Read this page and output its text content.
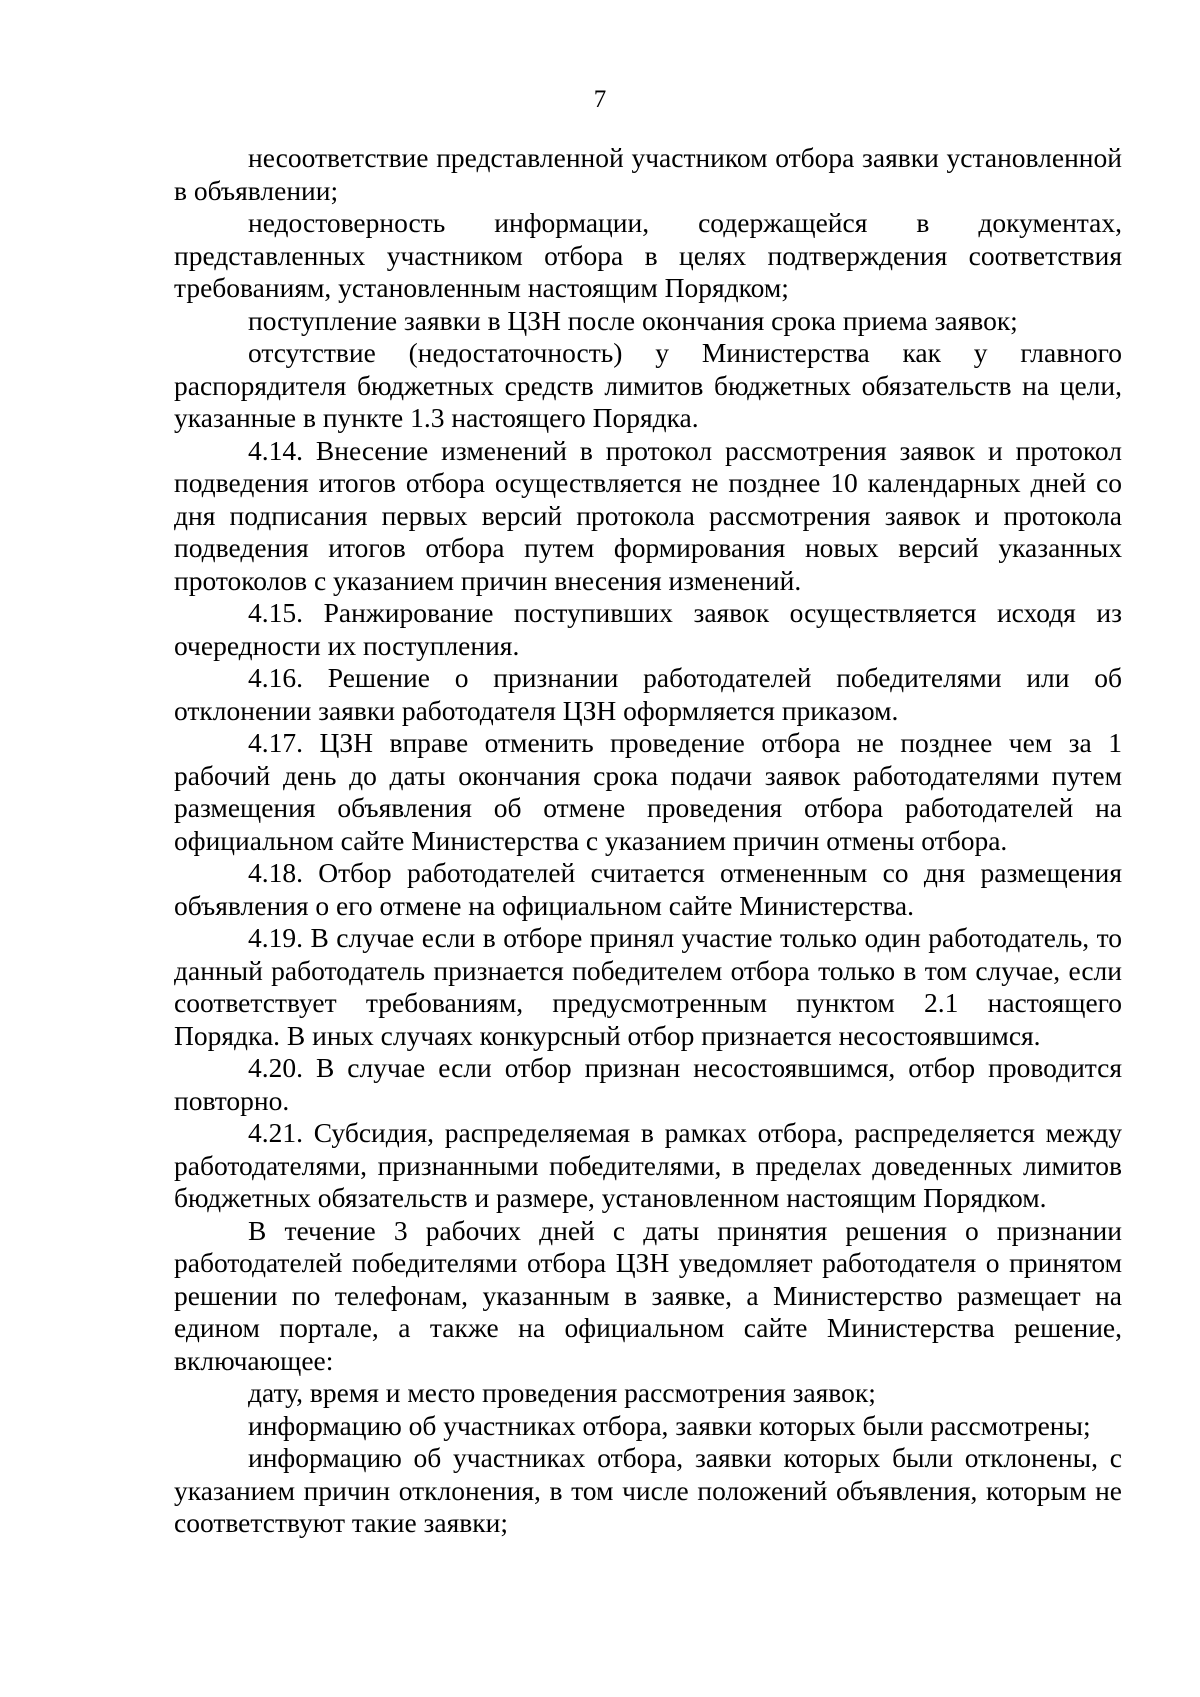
7

несоответствие представленной участником отбора заявки установленной в объявлении;

недостоверность информации, содержащейся в документах, представленных участником отбора в целях подтверждения соответствия требованиям, установленным настоящим Порядком;

поступление заявки в ЦЗН после окончания срока приема заявок;

отсутствие (недостаточность) у Министерства как у главного распорядителя бюджетных средств лимитов бюджетных обязательств на цели, указанные в пункте 1.3 настоящего Порядка.

4.14. Внесение изменений в протокол рассмотрения заявок и протокол подведения итогов отбора осуществляется не позднее 10 календарных дней со дня подписания первых версий протокола рассмотрения заявок и протокола подведения итогов отбора путем формирования новых версий указанных протоколов с указанием причин внесения изменений.

4.15. Ранжирование поступивших заявок осуществляется исходя из очередности их поступления.

4.16. Решение о признании работодателей победителями или об отклонении заявки работодателя ЦЗН оформляется приказом.

4.17. ЦЗН вправе отменить проведение отбора не позднее чем за 1 рабочий день до даты окончания срока подачи заявок работодателями путем размещения объявления об отмене проведения отбора работодателей на официальном сайте Министерства с указанием причин отмены отбора.

4.18. Отбор работодателей считается отмененным со дня размещения объявления о его отмене на официальном сайте Министерства.

4.19. В случае если в отборе принял участие только один работодатель, то данный работодатель признается победителем отбора только в том случае, если соответствует требованиям, предусмотренным пунктом 2.1 настоящего Порядка. В иных случаях конкурсный отбор признается несостоявшимся.

4.20. В случае если отбор признан несостоявшимся, отбор проводится повторно.

4.21. Субсидия, распределяемая в рамках отбора, распределяется между работодателями, признанными победителями, в пределах доведенных лимитов бюджетных обязательств и размере, установленном настоящим Порядком.

В течение 3 рабочих дней с даты принятия решения о признании работодателей победителями отбора ЦЗН уведомляет работодателя о принятом решении по телефонам, указанным в заявке, а Министерство размещает на едином портале, а также на официальном сайте Министерства решение, включающее:

дату, время и место проведения рассмотрения заявок;

информацию об участниках отбора, заявки которых были рассмотрены;

информацию об участниках отбора, заявки которых были отклонены, с указанием причин отклонения, в том числе положений объявления, которым не соответствуют такие заявки;
